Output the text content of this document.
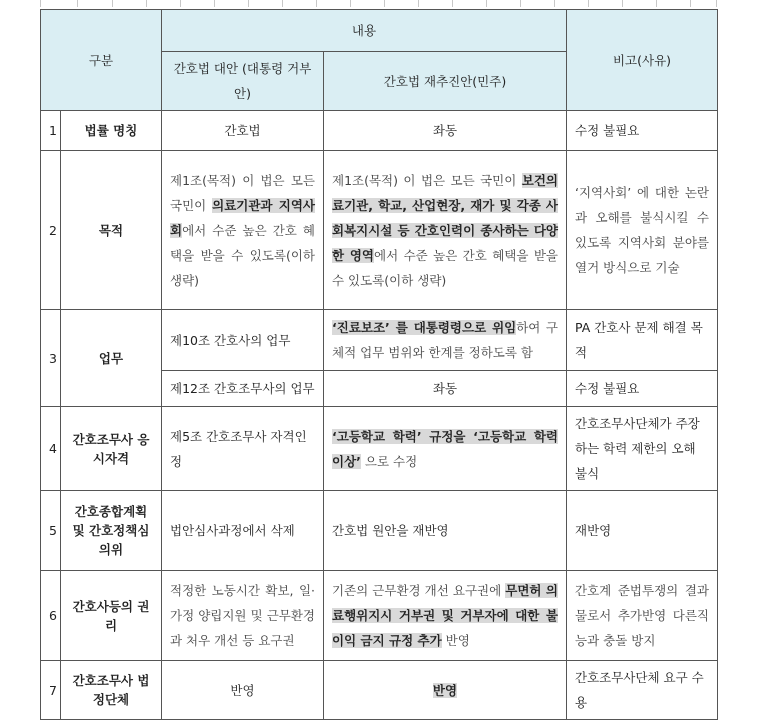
구분		내용		비고(사유)
		간호법 대안 (대통령 거부안)	간호법 재추진안(민주)	
1	법률 명칭	간호법	좌동	수정 불필요
2	목적	제1조(목적) 이 법은 모든 국민이 의료기관과 지역사회에서 수준 높은 간호 혜택을 받을 수 있도록(이하 생략)	제1조(목적) 이 법은 모든 국민이 보건의료기관, 학교, 산업현장, 재가 및 각종 사회복지시설 등 간호인력이 종사하는 다양한 영역에서 수준 높은 간호 혜택을 받을 수 있도록(이하 생략)	‘지역사회’ 에 대한 논란과 오해를 불식시킬 수 있도록 지역사회 분야를 열거 방식으로 기술
3	업무	제10조 간호사의 업무	‘진료보조’ 를 대통령령으로 위임하여 구체적 업무 범위와 한계를 정하도록 함	PA 간호사 문제 해결 목적
		제12조 간호조무사의 업무	좌동	수정 불필요
4	간호조무사 응시자격	제5조 간호조무사 자격인정	‘고등학교 학력’ 규정을 ‘고등학교 학력 이상’ 으로 수정	간호조무사단체가 주장하는 학력 제한의 오해 불식
5	간호종합계획 및 간호정책심의위	법안심사과정에서 삭제	간호법 원안을 재반영	재반영
6	간호사등의 권리	적정한 노동시간 확보, 일·가정 양립지원 및 근무환경과 처우 개선 등 요구권	기존의 근무환경 개선 요구권에 무면허 의료행위지시 거부권 및 거부자에 대한 불이익 금지 규정 추가 반영	간호계 준법투쟁의 결과물로서 추가반영 다른직능과 충돌 방지
7	간호조무사 법정단체	반영	반영	간호조무사단체 요구 수용
